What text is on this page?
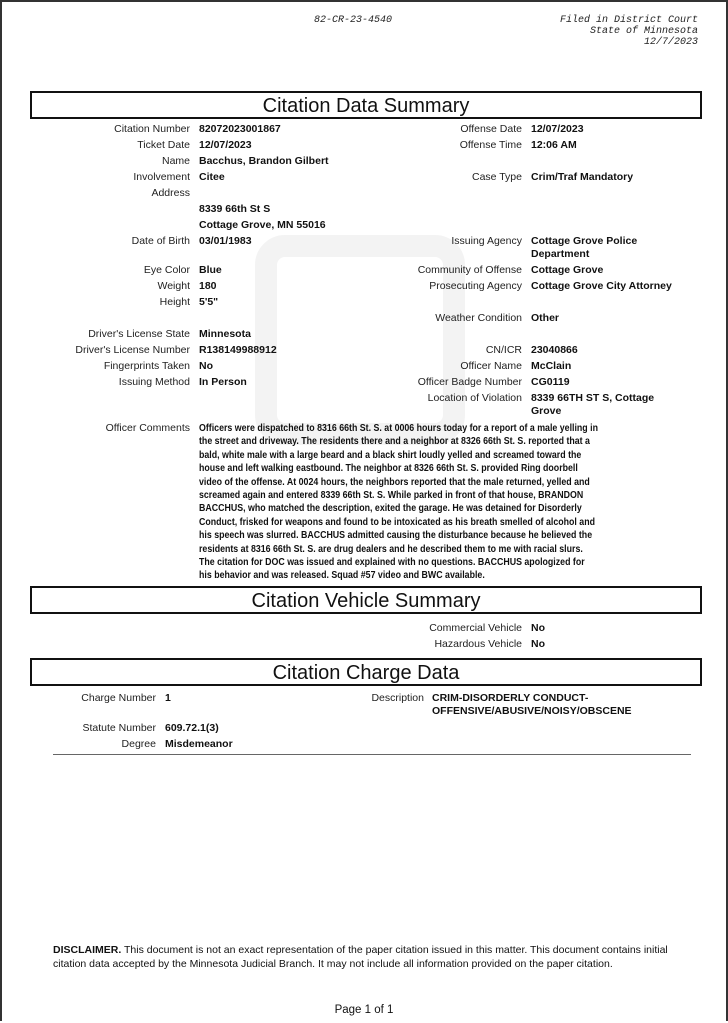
82-CR-23-4540	Filed in District Court
State of Minnesota
12/7/2023
Citation Data Summary
Citation Number 82072023001867
Ticket Date 12/07/2023
Name Bacchus, Brandon Gilbert
Involvement Citee
Address
8339 66th St S
Cottage Grove, MN 55016
Date of Birth 03/01/1983
Eye Color Blue
Weight 180
Height 5'5"
Driver's License State Minnesota
Driver's License Number R138149988912
Fingerprints Taken No
Issuing Method In Person
Offense Date 12/07/2023
Offense Time 12:06 AM
Case Type Crim/Traf Mandatory
Issuing Agency Cottage Grove Police
Department
Community of Offense Cottage Grove
Prosecuting Agency Cottage Grove City Attorney
Weather Condition Other
CN/ICR 23040866
Officer Name McClain
Officer Badge Number CG0119
Location of Violation 8339 66TH ST S, Cottage
Grove
Officer Comments Officers were dispatched to 8316 66th St. S. at 0006 hours today for a report of a male yelling in
the street and driveway. The residents there and a neighbor at 8326 66th St. S. reported that a
bald, white male with a large beard and a black shirt loudly yelled and screamed toward the
house and left walking eastbound. The neighbor at 8326 66th St. S. provided Ring doorbell
video of the offense. At 0024 hours, the neighbors reported that the male returned, yelled and
screamed again and entered 8339 66th St. S. While parked in front of that house, BRANDON
BACCHUS, who matched the description, exited the garage. He was detained for Disorderly
Conduct, frisked for weapons and found to be intoxicated as his breath smelled of alcohol and
his speech was slurred. BACCHUS admitted causing the disturbance because he believed the
residents at 8316 66th St. S. are drug dealers and he described them to me with racial slurs.
The citation for DOC was issued and explained with no questions. BACCHUS apologized for
his behavior and was released. Squad #57 video and BWC available.
Citation Vehicle Summary
Commercial Vehicle No
Hazardous Vehicle No
Citation Charge Data
Charge Number 1	Description CRIM-DISORDERLY CONDUCT-
OFFENSIVE/ABUSIVE/NOISY/OBSCENE
Statute Number 609.72.1(3)
Degree Misdemeanor
DISCLAIMER. This document is not an exact representation of the paper citation issued in this matter. This document contains initial citation data accepted by the Minnesota Judicial Branch. It may not include all information provided on the paper citation.
Page 1 of 1
